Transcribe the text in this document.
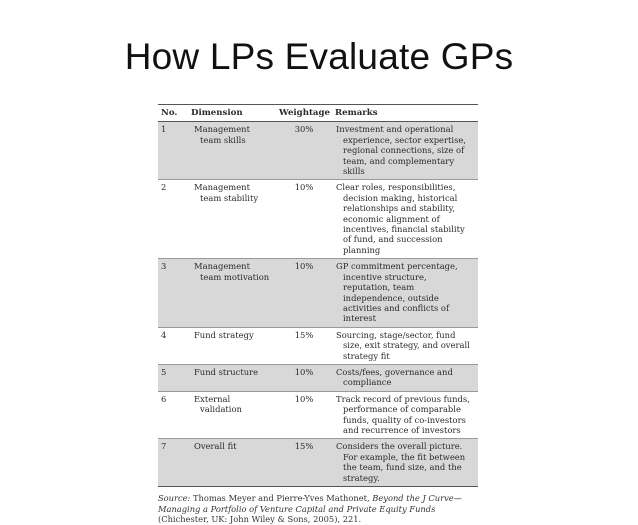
How LPs Evaluate GPs
No.	Dimension	Weightage	Remarks
1	Management team skills	30%	Investment and operational experience, sector expertise, regional connections, size of team, and complementary skills

2	Management team stability	10%	Clear roles, responsibilities, decision making, historical relationships and stability, economic alignment of incentives, financial stability of fund, and succession planning

3	Management team motivation	10%	GP commitment percentage, incentive structure, reputation, team independence, outside activities and conflicts of interest

4	Fund strategy	15%	Sourcing, stage/sector, fund size, exit strategy, and overall strategy fit

5	Fund structure	10%	Costs/fees, governance and compliance

6	External validation	10%	Track record of previous funds, performance of comparable funds, quality of co-investors and recurrence of investors

7	Overall fit	15%	Considers the overall picture. For example, the fit between the team, fund size, and the strategy.
Source: Thomas Meyer and Pierre-Yves Mathonet, Beyond the J Curve—Managing a Portfolio of Venture Capital and Private Equity Funds (Chichester, UK: John Wiley & Sons, 2005), 221.
